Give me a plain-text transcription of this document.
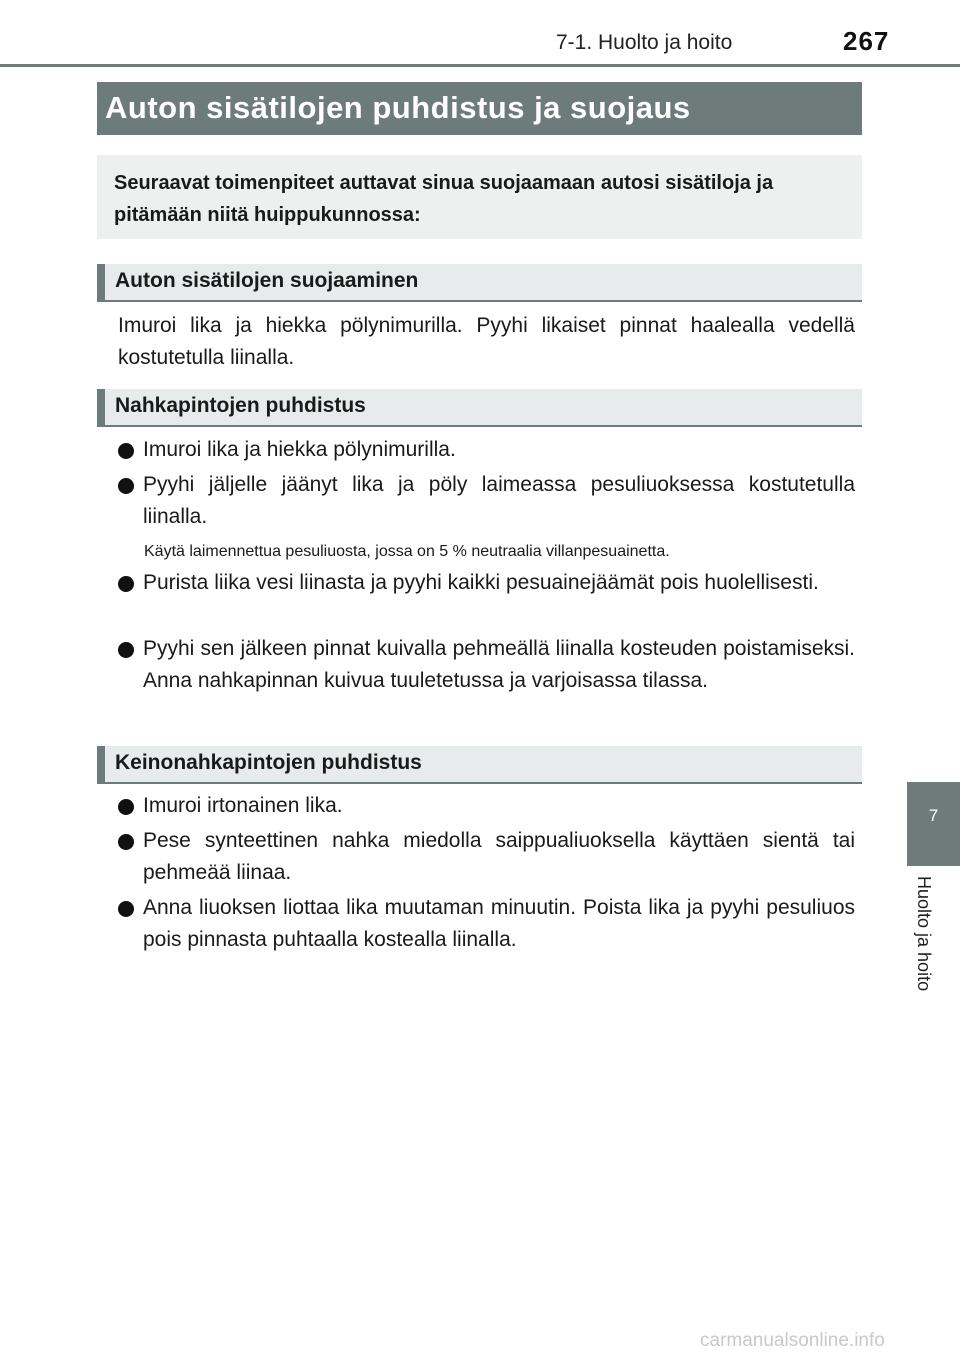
7-1. Huolto ja hoito	267
Auton sisätilojen puhdistus ja suojaus
Seuraavat toimenpiteet auttavat sinua suojaamaan autosi sisätiloja ja pitämään niitä huippukunnossa:
Auton sisätilojen suojaaminen
Imuroi lika ja hiekka pölynimurilla. Pyyhi likaiset pinnat haalealla vedellä kostutetulla liinalla.
Nahkapintojen puhdistus
Imuroi lika ja hiekka pölynimurilla.
Pyyhi jäljelle jäänyt lika ja pöly laimeassa pesuliuoksessa kostutetulla liinalla.
Käytä laimennettua pesuliuosta, jossa on 5 % neutraalia villanpesuainetta.
Purista liika vesi liinasta ja pyyhi kaikki pesuainejäämät pois huolellisesti.
Pyyhi sen jälkeen pinnat kuivalla pehmeällä liinalla kosteuden poistamiseksi. Anna nahkapinnan kuivua tuuletetussa ja varjoisassa tilassa.
Keinonahkapintojen puhdistus
Imuroi irtonainen lika.
Pese synteettinen nahka miedolla saippualiuoksella käyttäen sientä tai pehmeää liinaa.
Anna liuoksen liottaa lika muutaman minuutin. Poista lika ja pyyhi pesuliuos pois pinnasta puhtaalla kostealla liinalla.
7
Huolto ja hoito
carmanualsonline.info
